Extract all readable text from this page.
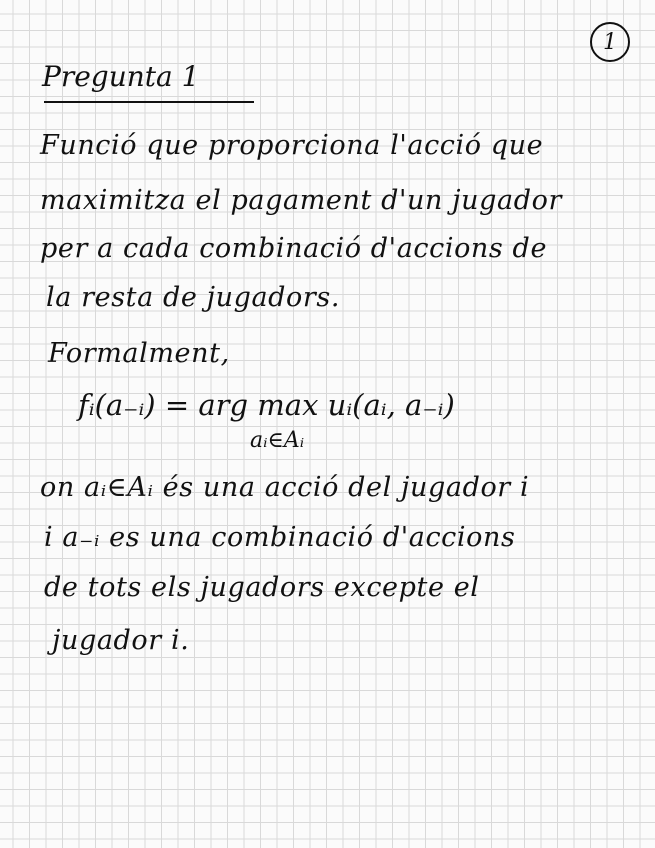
1
Pregunta 1
Funció que proporciona l'acció que
maximitza el pagament d'un jugador
per a cada combinació d'accions de
la resta de jugadors.
Formalment,
fᵢ(a₋ᵢ) = arg max uᵢ(aᵢ, a₋ᵢ)
aᵢ∈Aᵢ
on aᵢ∈Aᵢ és una acció del jugador i
i a₋ᵢ es una combinació d'accions
de tots els jugadors excepte el
jugador i.
